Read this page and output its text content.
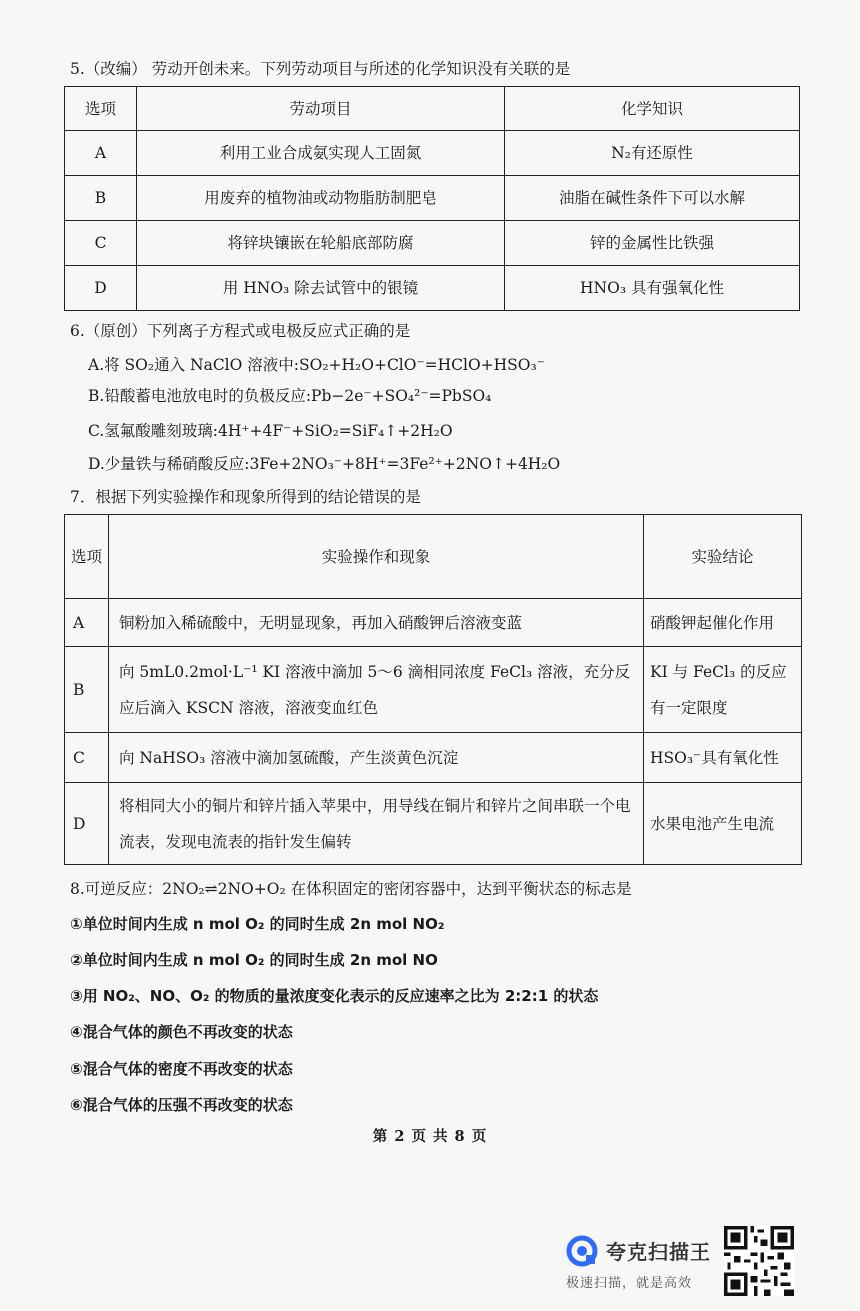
5.（改编） 劳动开创未来。下列劳动项目与所述的化学知识没有关联的是
选项	劳动项目	化学知识
A	利用工业合成氨实现人工固氮	N₂有还原性
B	用废弃的植物油或动物脂肪制肥皂	油脂在碱性条件下可以水解
C	将锌块镶嵌在轮船底部防腐	锌的金属性比铁强
D	用 HNO₃ 除去试管中的银镜	HNO₃ 具有强氧化性
6.（原创）下列离子方程式或电极反应式正确的是
A.将 SO₂通入 NaClO 溶液中:SO₂+H₂O+ClO⁻=HClO+HSO₃⁻
B.铅酸蓄电池放电时的负极反应:Pb−2e⁻+SO₄²⁻=PbSO₄
C.氢氟酸雕刻玻璃:4H⁺+4F⁻+SiO₂=SiF₄↑+2H₂O
D.少量铁与稀硝酸反应:3Fe+2NO₃⁻+8H⁺=3Fe²⁺+2NO↑+4H₂O
7．根据下列实验操作和现象所得到的结论错误的是
选项	实验操作和现象	实验结论
A	铜粉加入稀硫酸中，无明显现象，再加入硝酸钾后溶液变蓝	硝酸钾起催化作用
B	向 5mL0.2mol·L⁻¹ KI 溶液中滴加 5～6 滴相同浓度 FeCl₃ 溶液，充分反应后滴入 KSCN 溶液，溶液变血红色	KI 与 FeCl₃ 的反应有一定限度
C	向 NaHSO₃ 溶液中滴加氢硫酸，产生淡黄色沉淀	HSO₃⁻具有氧化性
D	将相同大小的铜片和锌片插入苹果中，用导线在铜片和锌片之间串联一个电流表，发现电流表的指针发生偏转	水果电池产生电流
8.可逆反应：2NO₂⇌2NO+O₂ 在体积固定的密闭容器中，达到平衡状态的标志是
①单位时间内生成 n mol O₂ 的同时生成 2n mol NO₂
②单位时间内生成 n mol O₂ 的同时生成 2n mol NO
③用 NO₂、NO、O₂ 的物质的量浓度变化表示的反应速率之比为 2:2:1 的状态
④混合气体的颜色不再改变的状态
⑤混合气体的密度不再改变的状态
⑥混合气体的压强不再改变的状态
第 2 页 共 8 页
夸克扫描王
极速扫描，就是高效
